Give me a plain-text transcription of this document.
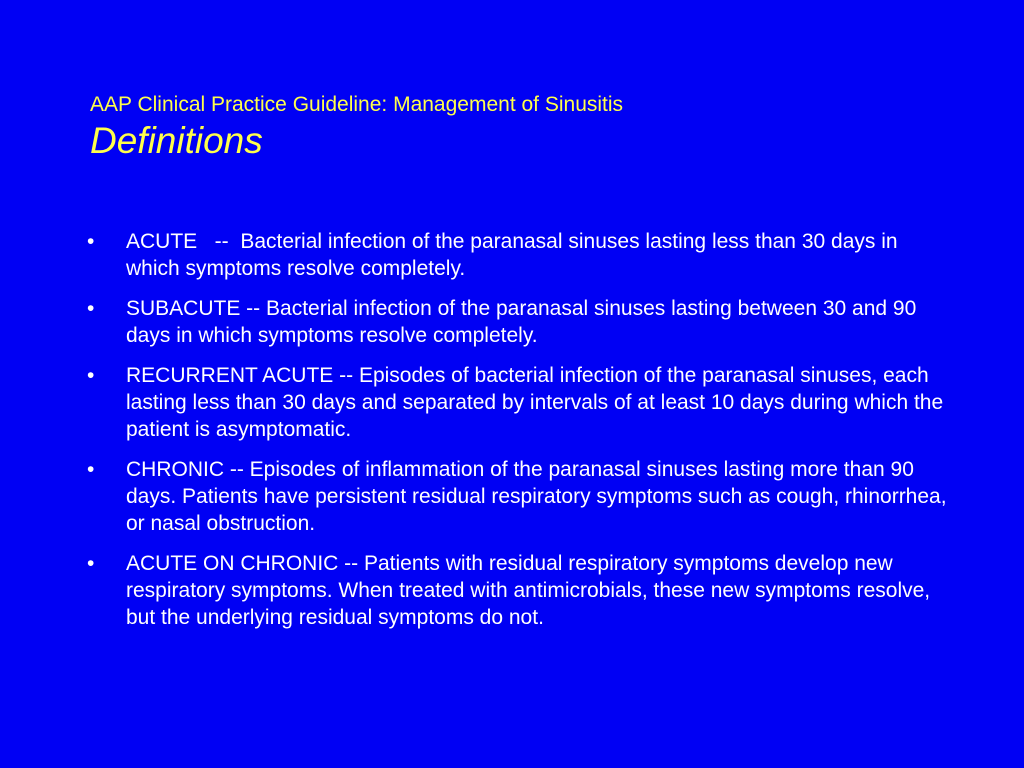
AAP Clinical Practice Guideline: Management of Sinusitis
Definitions
• ACUTE   --  Bacterial infection of the paranasal sinuses lasting less than 30 days in which symptoms resolve completely.
• SUBACUTE -- Bacterial infection of the paranasal sinuses lasting between 30 and 90 days in which symptoms resolve completely.
• RECURRENT ACUTE -- Episodes of bacterial infection of the paranasal sinuses, each lasting less than 30 days and separated by intervals of at least 10 days during which the patient is asymptomatic.
• CHRONIC -- Episodes of inflammation of the paranasal sinuses lasting more than 90 days. Patients have persistent residual respiratory symptoms such as cough, rhinorrhea, or nasal obstruction.
• ACUTE ON CHRONIC -- Patients with residual respiratory symptoms develop new respiratory symptoms. When treated with antimicrobials, these new symptoms resolve, but the underlying residual symptoms do not.
